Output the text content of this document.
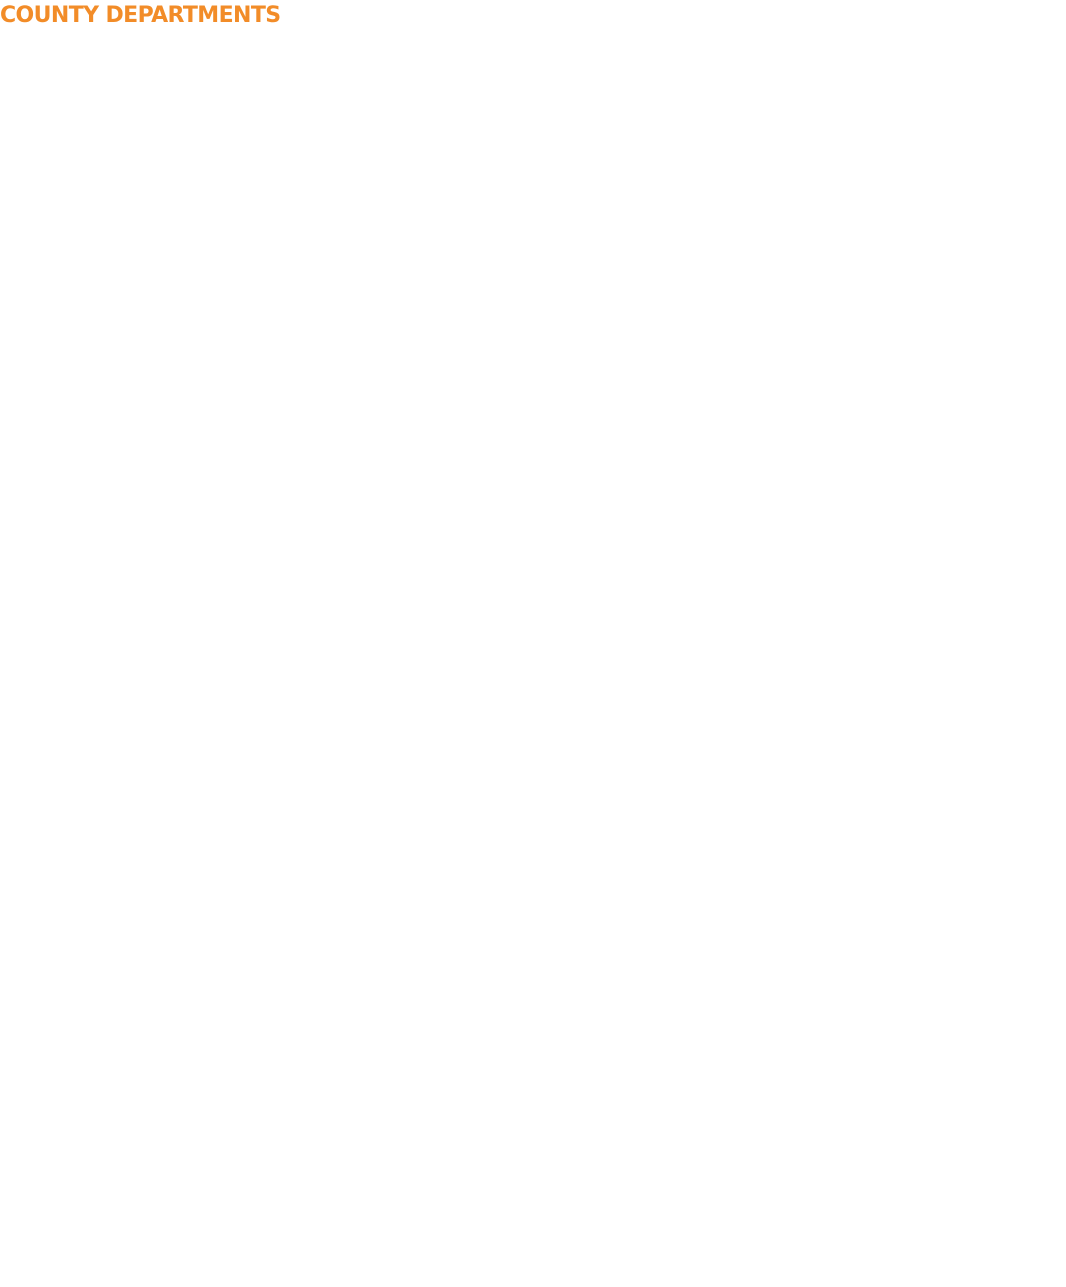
COUNTY DEPARTMENTS
